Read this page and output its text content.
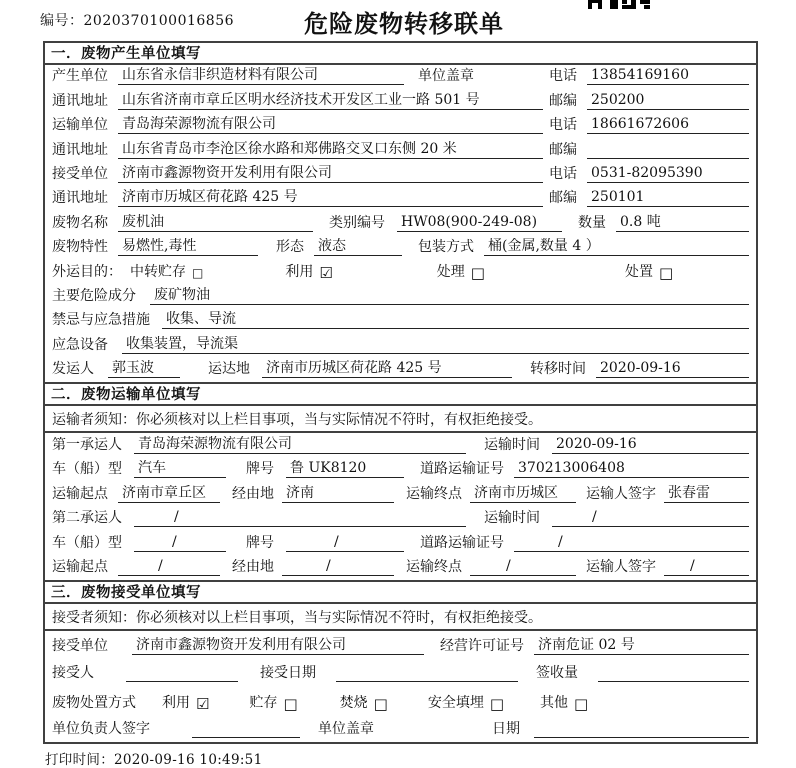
编号：2020370100016856	危险废物转移联单
一．废物产生单位填写
产生单位 山东省永信非织造材料有限公司	单位盖章	电话 13854169160
通讯地址 山东省济南市章丘区明水经济技术开发区工业一路 501 号	邮编 250200
运输单位 青岛海荣源物流有限公司	电话 18661672606
通讯地址 山东省青岛市李沧区徐水路和郑佛路交叉口东侧 20 米	邮编
接受单位 济南市鑫源物资开发利用有限公司	电话 0531-82095390
通讯地址 济南市历城区荷花路 425 号	邮编 250101
废物名称 废机油	类别编号 HW08(900-249-08)	数量 0.8 吨
废物特性 易燃性,毒性	形态 液态	包装方式 桶(金属,数量 4 ）
外运目的： 中转贮存 □	利用 ☑	处理 □	处置 □
主要危险成分 废矿物油
禁忌与应急措施 收集、导流
应急设备 收集装置，导流渠
发运人 郭玉波	运达地 济南市历城区荷花路 425 号	转移时间 2020-09-16
二．废物运输单位填写
运输者须知：你必须核对以上栏目事项，当与实际情况不符时，有权拒绝接受。
第一承运人 青岛海荣源物流有限公司	运输时间 2020-09-16
车（船）型 汽车	牌号 鲁 UK8120	道路运输证号 370213006408
运输起点 济南市章丘区	经由地 济南	运输终点 济南市历城区	运输人签字 张春雷
第二承运人	/	运输时间	/
车（船）型	/	牌号	/	道路运输证号	/
运输起点	/	经由地	/	运输终点	/	运输人签字	/
三．废物接受单位填写
接受者须知：你必须核对以上栏目事项，当与实际情况不符时，有权拒绝接受。
接受单位 济南市鑫源物资开发利用有限公司	经营许可证号 济南危证 02 号
接受人	接受日期	签收量
废物处置方式 利用 ☑	贮存 □	焚烧 □	安全填埋 □	其他 □
单位负责人签字	单位盖章	日期
打印时间：2020-09-16 10:49:51
